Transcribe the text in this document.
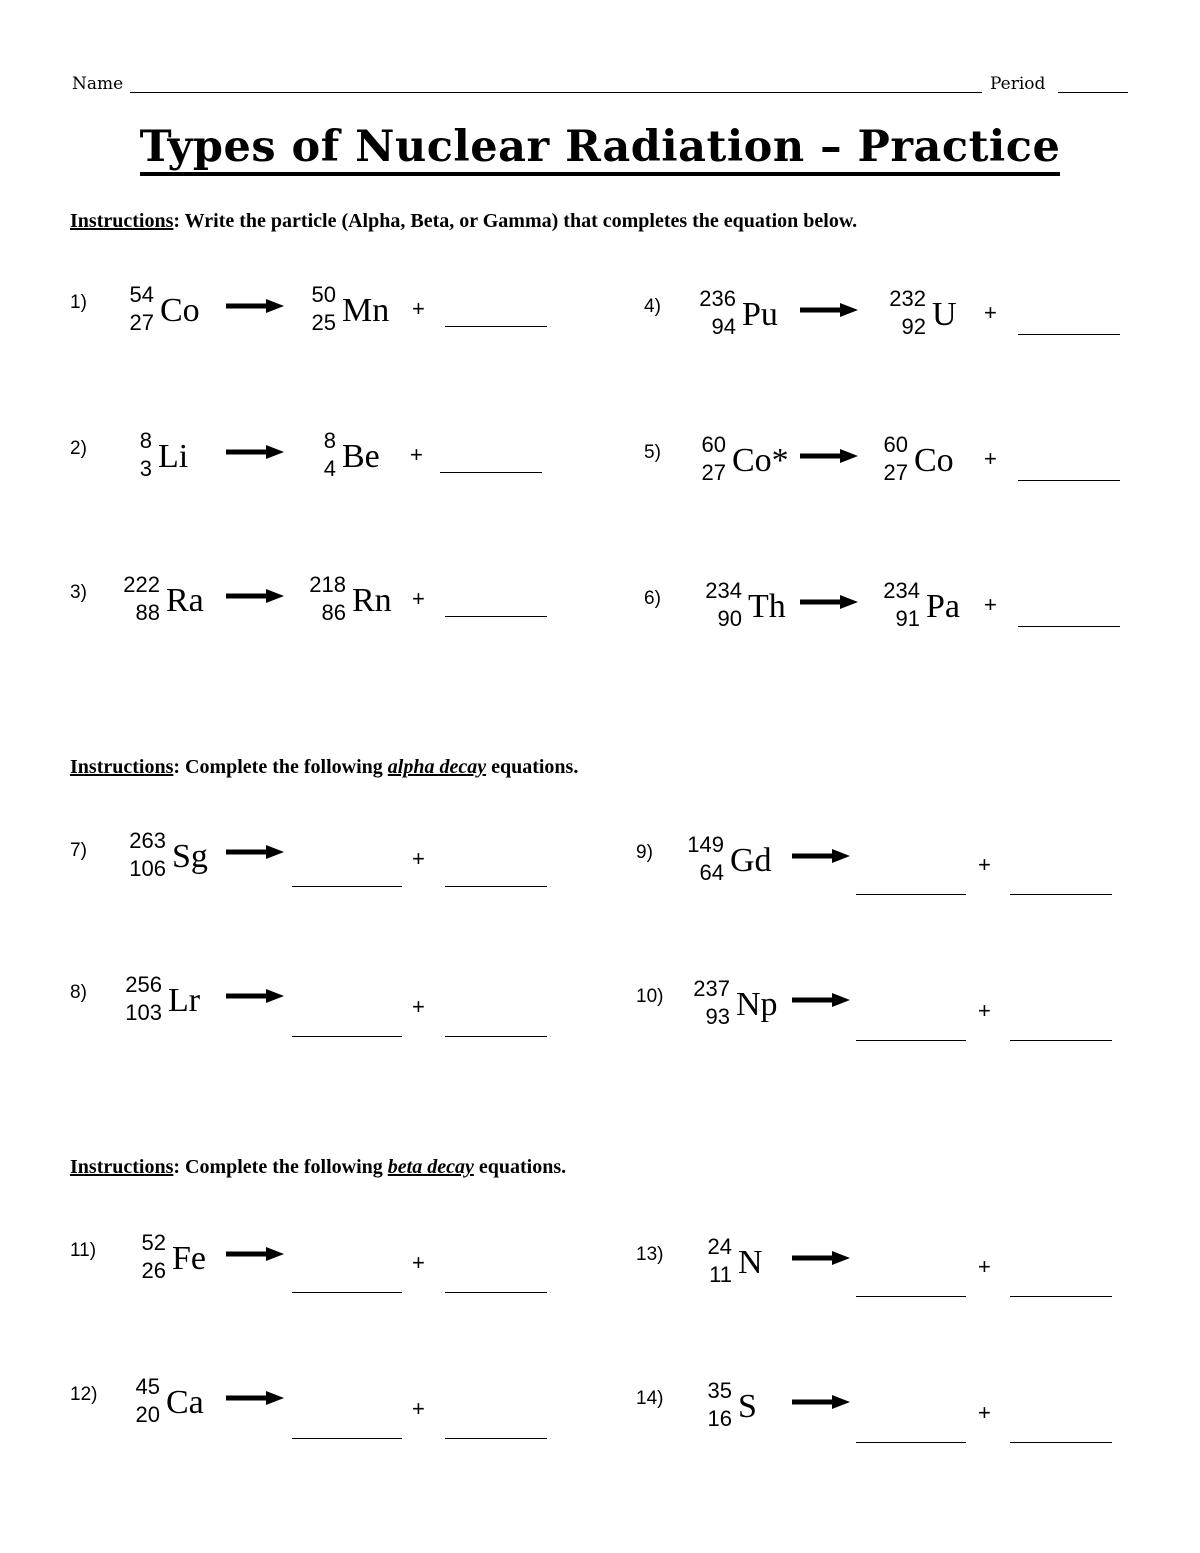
Name	Period
Types of Nuclear Radiation – Practice
Instructions: Write the particle (Alpha, Beta, or Gamma) that completes the equation below.
1) 54
27 Co	50
25 Mn +
2) 8
3 Li	8
4 Be +
3) 222
88 Ra	218
86 Rn +
4) 236
94 Pu	232
92 U +
5) 60
27 Co*	60
27 Co +
6) 234
90 Th	234
91 Pa +
Instructions: Complete the following alpha decay equations.
7) 263
106 Sg	+
8) 256
103 Lr	+
9) 149
64 Gd	+
10) 237
93 Np	+
Instructions: Complete the following beta decay equations.
11) 52
26 Fe	+
12) 45
20 Ca	+
13) 24
11 N	+
14) 35
16 S	+
